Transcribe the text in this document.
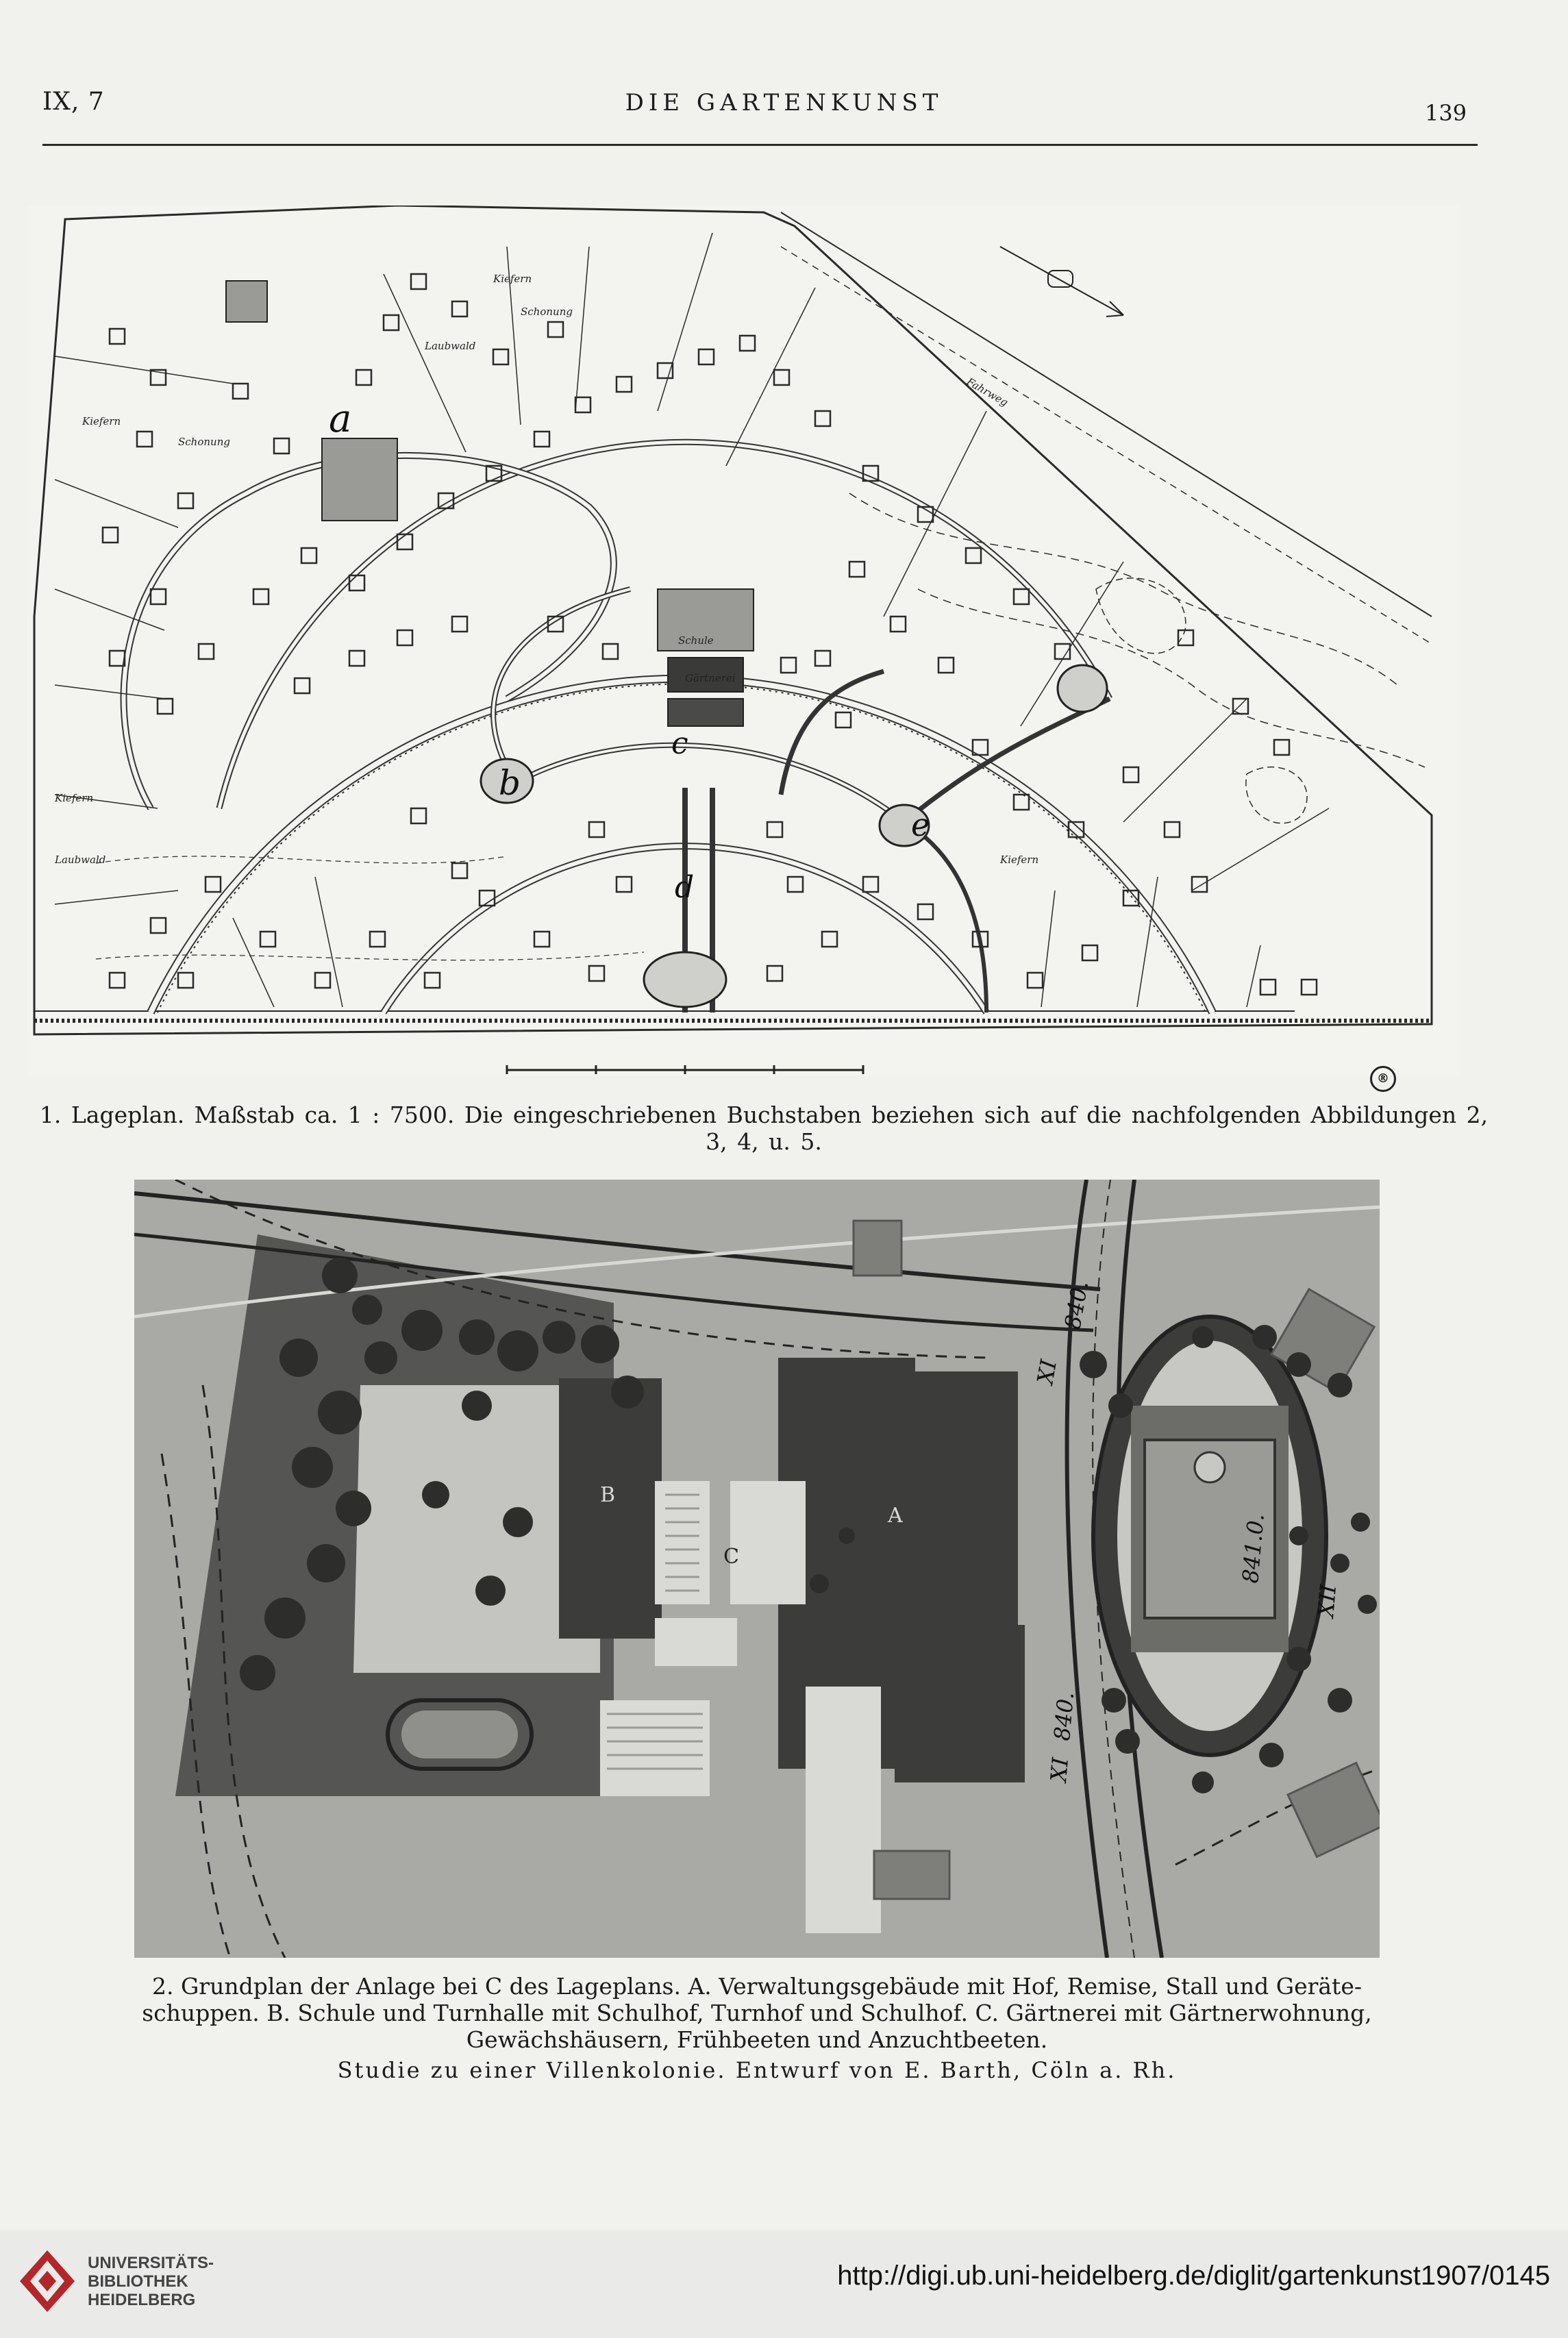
IX, 7	DIE GARTENKUNST	139
a
b
c
d
e
Kiefern
Schonung
Kiefern
Schonung
Laubwald
Kiefern
Laubwald	Kiefern
Schule
Gärtnerei
Fahrweg
®
1. Lageplan. Maßstab ca. 1 : 7500. Die eingeschriebenen Buchstaben beziehen sich auf die nachfolgenden Abbildungen 2, 3, 4, u. 5.
XI
840.
XII
841.0.
XI
840.
A
B
C
2. Grundplan der Anlage bei C des Lageplans. A. Verwaltungsgebäude mit Hof, Remise, Stall und Geräte-
schuppen. B. Schule und Turnhalle mit Schulhof, Turnhof und Schulhof. C. Gärtnerei mit Gärtnerwohnung,
Gewächshäusern, Frühbeeten und Anzuchtbeeten.
Studie zu einer Villenkolonie. Entwurf von E. Barth, Cöln a. Rh.
UNIVERSITÄTS-
BIBLIOTHEK
HEIDELBERG
http://digi.ub.uni-heidelberg.de/diglit/gartenkunst1907/0145
